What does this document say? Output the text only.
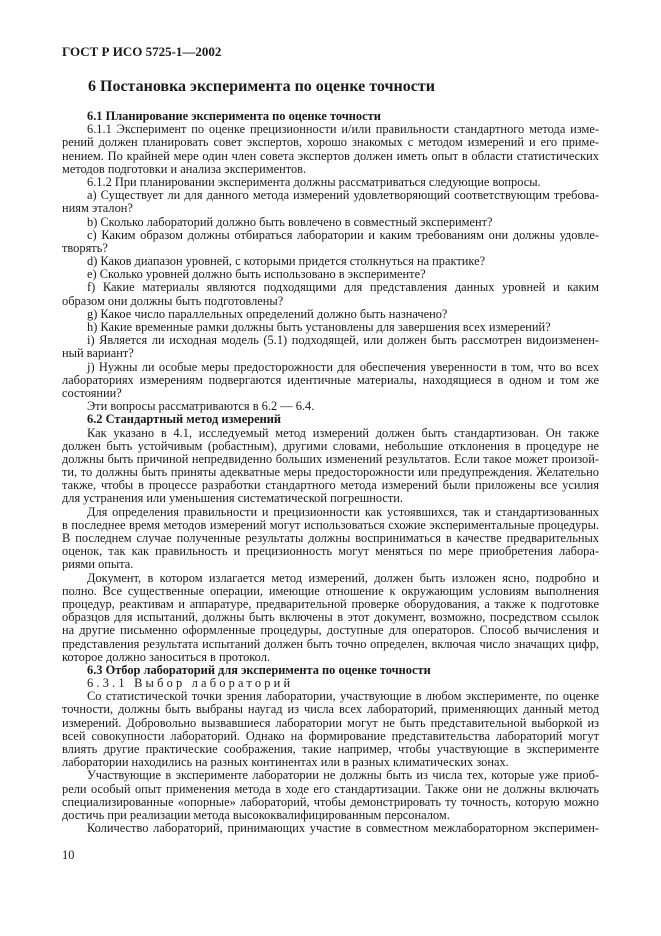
ГОСТ Р ИСО 5725-1—2002
6 Постановка эксперимента по оценке точности
6.1 Планирование эксперимента по оценке точности
6.1.1 Эксперимент по оценке прецизионности и/или правильности стандартного метода изме-
рений должен планировать совет экспертов, хорошо знакомых с методом измерений и его приме-
нением. По крайней мере один член совета экспертов должен иметь опыт в области статистических
методов подготовки и анализа экспериментов.
6.1.2 При планировании эксперимента должны рассматриваться следующие вопросы.
a) Существует ли для данного метода измерений удовлетворяющий соответствующим требова-
ниям эталон?
b) Сколько лабораторий должно быть вовлечено в совместный эксперимент?
c) Каким образом должны отбираться лаборатории и каким требованиям они должны удовле-
творять?
d) Каков диапазон уровней, с которыми придется столкнуться на практике?
e) Сколько уровней должно быть использовано в эксперименте?
f) Какие материалы являются подходящими для представления данных уровней и каким
образом они должны быть подготовлены?
g) Какое число параллельных определений должно быть назначено?
h) Какие временны́е рамки должны быть установлены для завершения всех измерений?
i) Является ли исходная модель (5.1) подходящей, или должен быть рассмотрен видоизменен-
ный вариант?
j) Нужны ли особые меры предосторожности для обеспечения уверенности в том, что во всех
лабораториях измерениям подвергаются идентичные материалы, находящиеся в одном и том же
состоянии?
Эти вопросы рассматриваются в 6.2 — 6.4.
6.2 Стандартный метод измерений
Как указано в 4.1, исследуемый метод измерений должен быть стандартизован. Он также
должен быть устойчивым (робастным), другими словами, небольшие отклонения в процедуре не
должны быть причиной непредвиденно больших изменений результатов. Если такое может произой-
ти, то должны быть приняты адекватные меры предосторожности или предупреждения. Желательно
также, чтобы в процессе разработки стандартного метода измерений были приложены все усилия
для устранения или уменьшения систематической погрешности.
Для определения правильности и прецизионности как устоявшихся, так и стандартизованных
в последнее время методов измерений могут использоваться схожие экспериментальные процедуры.
В последнем случае полученные результаты должны восприниматься в качестве предварительных
оценок, так как правильность и прецизионность могут меняться по мере приобретения лабора-
риями опыта.
Документ, в котором излагается метод измерений, должен быть изложен ясно, подробно и
полно. Все существенные операции, имеющие отношение к окружающим условиям выполнения
процедур, реактивам и аппаратуре, предварительной проверке оборудования, а также к подготовке
образцов для испытаний, должны быть включены в этот документ, возможно, посредством ссылок
на другие письменно оформленные процедуры, доступные для операторов. Способ вычисления и
представления результата испытаний должен быть точно определен, включая число значащих цифр,
которое должно заноситься в протокол.
6.3 Отбор лабораторий для эксперимента по оценке точности
6.3.1 Выбор лабораторий
Со статистической точки зрения лаборатории, участвующие в любом эксперименте, по оценке
точности, должны быть выбраны наугад из числа всех лабораторий, применяющих данный метод
измерений. Добровольно вызвавшиеся лаборатории могут не быть представительной выборкой из
всей совокупности лабораторий. Однако на формирование представительства лабораторий могут
влиять другие практические соображения, такие например, чтобы участвующие в эксперименте
лаборатории находились на разных континентах или в разных климатических зонах.
Участвующие в эксперименте лаборатории не должны быть из числа тех, которые уже приоб-
рели особый опыт применения метода в ходе его стандартизации. Также они не должны включать
специализированные «опорные» лабораторий, чтобы демонстрировать ту точность, которую можно
достичь при реализации метода высококвалифицированным персоналом.
Количество лабораторий, принимающих участие в совместном межлабораторном эксперимен-
10
